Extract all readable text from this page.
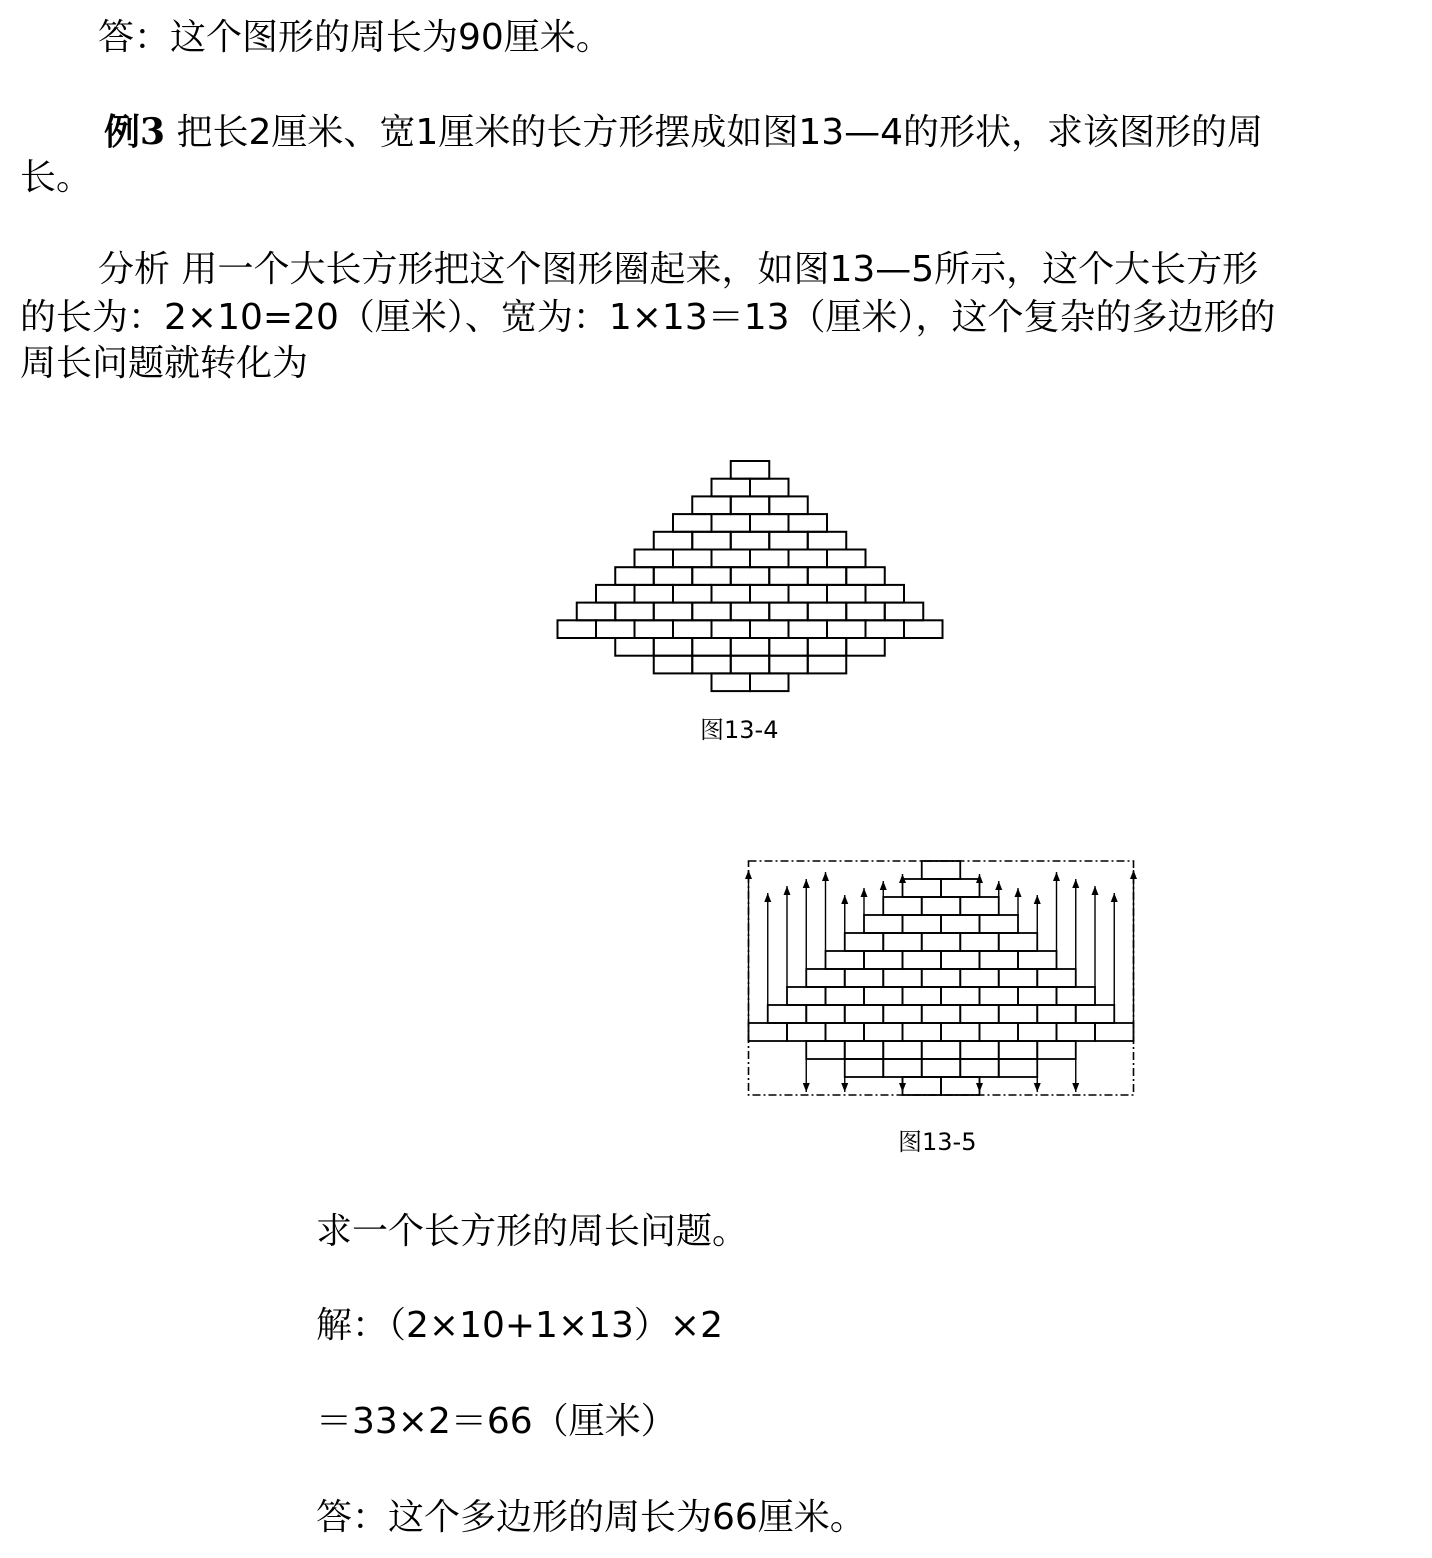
答：这个图形的周长为90厘米。
例3 把长2厘米、宽1厘米的长方形摆成如图13—4的形状，求该图形的周
长。
分析 用一个大长方形把这个图形圈起来，如图13—5所示，这个大长方形
的长为：2×10=20（厘米）、宽为：1×13＝13（厘米），这个复杂的多边形的
周长问题就转化为
图13-4
图13-5
求一个长方形的周长问题。
解：（2×10+1×13）×2
＝33×2＝66（厘米）
答：这个多边形的周长为66厘米。
